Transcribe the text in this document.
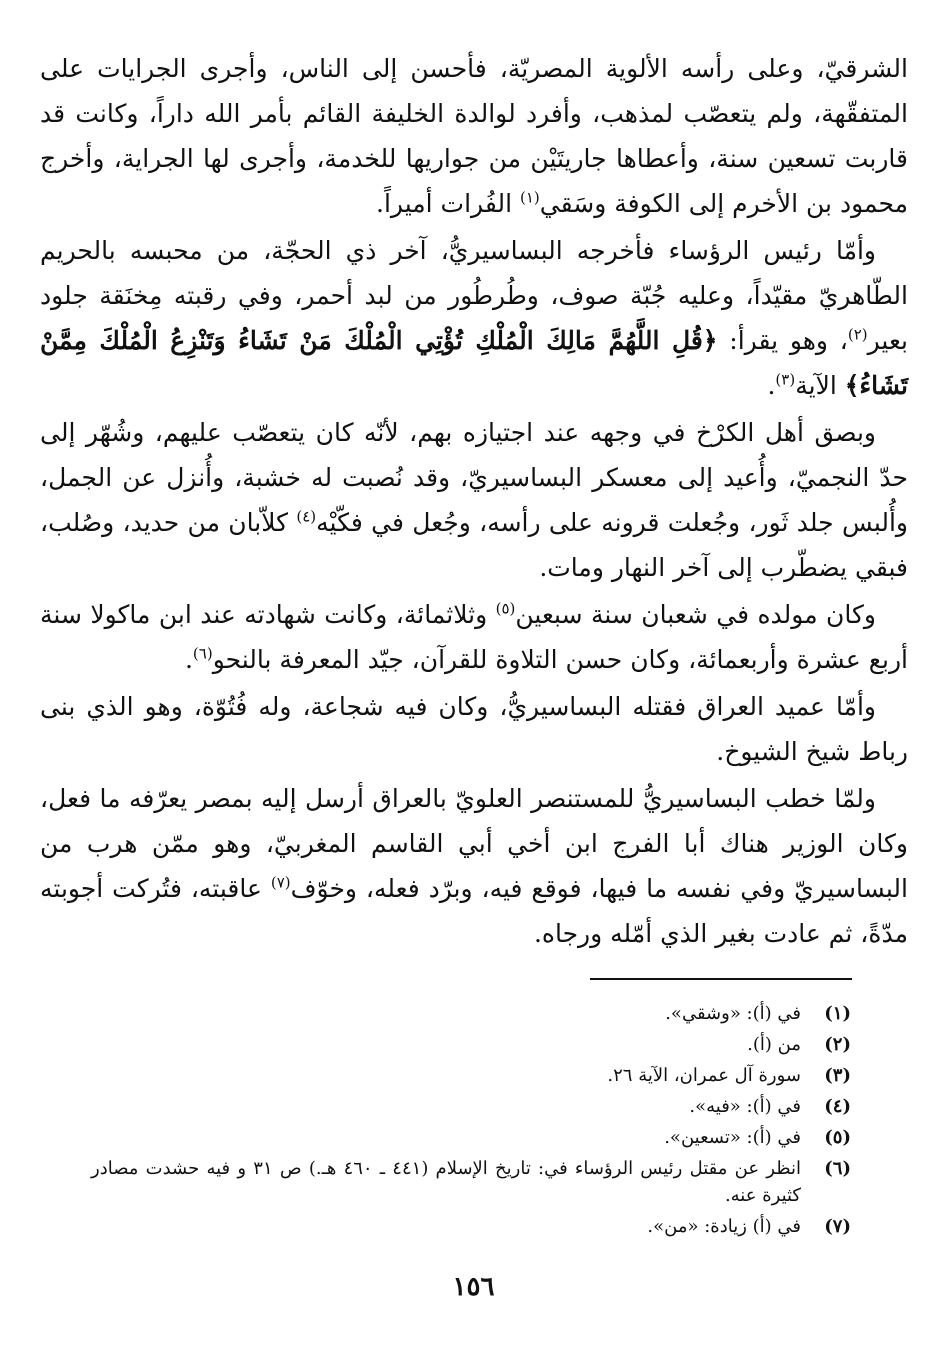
الشرقيّ، وعلى رأسه الألوية المصريّة، فأحسن إلى الناس، وأجرى الجرايات على المتفقّهة، ولم يتعصّب لمذهب، وأفرد لوالدة الخليفة القائم بأمر الله داراً، وكانت قد قاربت تسعين سنة، وأعطاها جاريتَيْن من جواريها للخدمة، وأجرى لها الجراية، وأخرج محمود بن الأخرم إلى الكوفة وسَقي$^{(١)}$ الفُرات أميراً.

وأمّا رئيس الرؤساء فأخرجه البساسيريُّ، آخر ذي الحجّة، من محبسه بالحريم الطّاهريّ مقيّداً، وعليه جُبّة صوف، وطُرطُور من لبد أحمر، وفي رقبته مِخنَقة جلود بعير$^{(٢)}$، وهو يقرأ: ﴿قُلِ اللَّهُمَّ مَالِكَ الْمُلْكِ تُؤْتِي الْمُلْكَ مَنْ تَشَاءُ وَتَنْزِعُ الْمُلْكَ مِمَّنْ تَشَاءُ﴾ الآية$^{(٣)}$.

وبصق أهل الكرْخ في وجهه عند اجتيازه بهم، لأنّه كان يتعصّب عليهم، وشُهّر إلى حدّ النجميّ، وأُعيد إلى معسكر البساسيريّ، وقد نُصبت له خشبة، وأُنزل عن الجمل، وأُلبس جلد ثَور، وجُعلت قرونه على رأسه، وجُعل في فكّيْه$^{(٤)}$ كلاّبان من حديد، وصُلب، فبقي يضطّرب إلى آخر النهار ومات.

وكان مولده في شعبان سنة سبعين$^{(٥)}$ وثلاثمائة، وكانت شهادته عند ابن ماكولا سنة أربع عشرة وأربعمائة، وكان حسن التلاوة للقرآن، جيّد المعرفة بالنحو$^{(٦)}$.

وأمّا عميد العراق فقتله البساسيريُّ، وكان فيه شجاعة، وله فُتُوّة، وهو الذي بنى رباط شيخ الشيوخ.

ولمّا خطب البساسيريُّ للمستنصر العلويّ بالعراق أرسل إليه بمصر يعرّفه ما فعل، وكان الوزير هناك أبا الفرج ابن أخي أبي القاسم المغربيّ، وهو ممّن هرب من البساسيريّ وفي نفسه ما فيها، فوقع فيه، وبرّد فعله، وخوّف$^{(٧)}$ عاقبته، فتُركت أجوبته مدّةً، ثم عادت بغير الذي أمّله ورجاه.

(١)
في (أ): «وشقي».
(٢)
من (أ).
(٣)
سورة آل عمران، الآية ٢٦.
(٤)
في (أ): «فيه».
(٥)
في (أ): «تسعين».
(٦)
انظر عن مقتل رئيس الرؤساء في: تاريخ الإسلام (٤٤١ ـ ٤٦٠ هـ.) ص ٣١ و فيه حشدت مصادر كثيرة عنه.
(٧)
في (أ) زيادة: «من».
١٥٦
